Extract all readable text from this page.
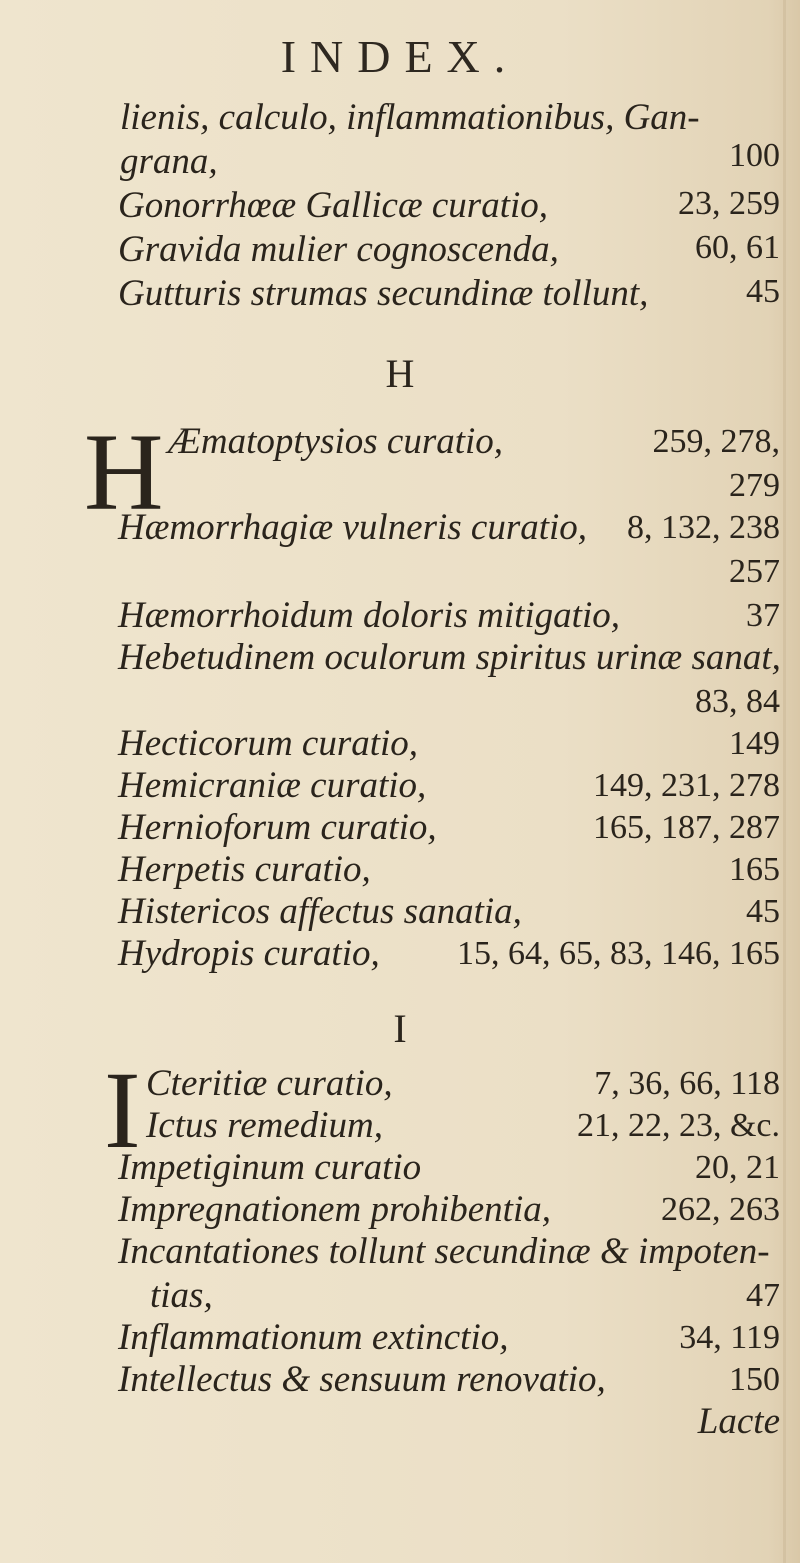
INDEX.
lienis, calculo, inflammationibus, Gan-
grana,	100
Gonorrhœæ Gallicæ curatio,	23, 259
Gravida mulier cognoscenda,	60, 61
Gutturis strumas secundinæ tollunt,	45
H
H Æmatoptysios curatio,	259, 278,
279
Hæmorrhagiæ vulneris curatio, 8, 132, 238
257
Hæmorrhoidum doloris mitigatio,	37
Hebetudinem oculorum spiritus urinæ sanat,
83, 84
Hecticorum curatio,	149
Hemicraniæ curatio,	149, 231, 278
Hernioforum curatio,	165, 187, 287
Herpetis curatio,	165
Histericos affectus sanatia,	45
Hydropis curatio, 15, 64, 65, 83, 146, 165
I
I Cteritiæ curatio,	7, 36, 66, 118
Ictus remedium,	21, 22, 23, &c.
Impetiginum curatio	20, 21
Impregnationem prohibentia,	262, 263
Incantationes tollunt secundinæ & impoten-
tias,	47
Inflammationum extinctio,	34, 119
Intellectus & sensuum renovatio,	150
Lacte
